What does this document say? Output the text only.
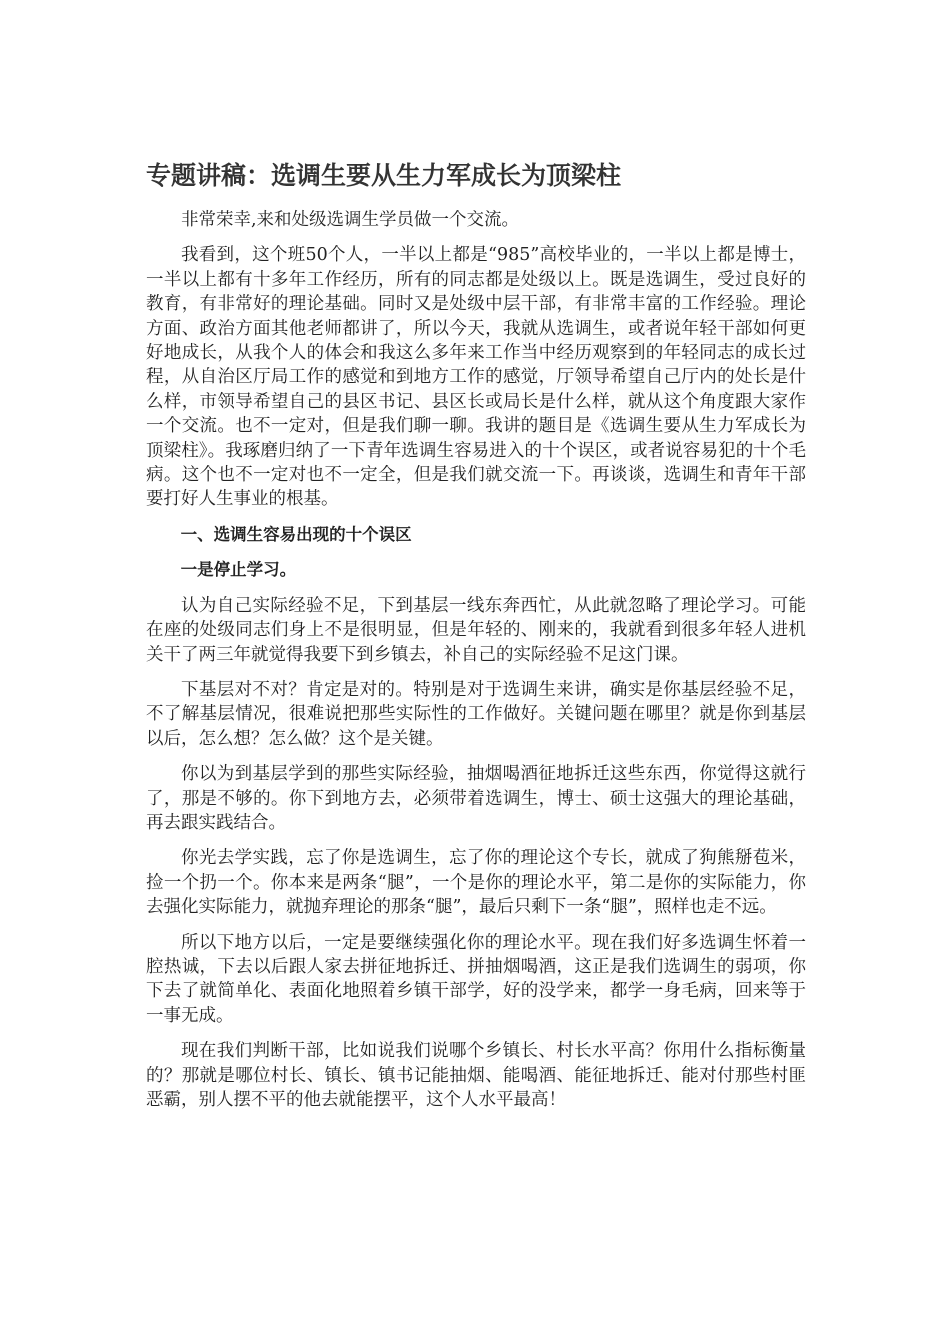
专题讲稿：选调生要从生力军成长为顶梁柱

非常荣幸,来和处级选调生学员做一个交流。

我看到，这个班50个人，一半以上都是“985”高校毕业的，一半以上都是博士，一半以上都有十多年工作经历，所有的同志都是处级以上。既是选调生，受过良好的教育，有非常好的理论基础。同时又是处级中层干部，有非常丰富的工作经验。理论方面、政治方面其他老师都讲了，所以今天，我就从选调生，或者说年轻干部如何更好地成长，从我个人的体会和我这么多年来工作当中经历观察到的年轻同志的成长过程，从自治区厅局工作的感觉和到地方工作的感觉，厅领导希望自己厅内的处长是什么样，市领导希望自己的县区书记、县区长或局长是什么样，就从这个角度跟大家作一个交流。也不一定对，但是我们聊一聊。我讲的题目是《选调生要从生力军成长为顶梁柱》。我琢磨归纳了一下青年选调生容易进入的十个误区，或者说容易犯的十个毛病。这个也不一定对也不一定全，但是我们就交流一下。再谈谈，选调生和青年干部要打好人生事业的根基。

一、选调生容易出现的十个误区

一是停止学习。

认为自己实际经验不足，下到基层一线东奔西忙，从此就忽略了理论学习。可能在座的处级同志们身上不是很明显，但是年轻的、刚来的，我就看到很多年轻人进机关干了两三年就觉得我要下到乡镇去，补自己的实际经验不足这门课。

下基层对不对？肯定是对的。特别是对于选调生来讲，确实是你基层经验不足，不了解基层情况，很难说把那些实际性的工作做好。关键问题在哪里？就是你到基层以后，怎么想？怎么做？这个是关键。

你以为到基层学到的那些实际经验，抽烟喝酒征地拆迁这些东西，你觉得这就行了，那是不够的。你下到地方去，必须带着选调生，博士、硕士这强大的理论基础，再去跟实践结合。

你光去学实践，忘了你是选调生，忘了你的理论这个专长，就成了狗熊掰苞米，捡一个扔一个。你本来是两条“腿”，一个是你的理论水平，第二是你的实际能力，你去强化实际能力，就抛弃理论的那条“腿”，最后只剩下一条“腿”，照样也走不远。

所以下地方以后，一定是要继续强化你的理论水平。现在我们好多选调生怀着一腔热诚，下去以后跟人家去拼征地拆迁、拼抽烟喝酒，这正是我们选调生的弱项，你下去了就简单化、表面化地照着乡镇干部学，好的没学来，都学一身毛病，回来等于一事无成。

现在我们判断干部，比如说我们说哪个乡镇长、村长水平高？你用什么指标衡量的？那就是哪位村长、镇长、镇书记能抽烟、能喝酒、能征地拆迁、能对付那些村匪恶霸，别人摆不平的他去就能摆平，这个人水平最高！
